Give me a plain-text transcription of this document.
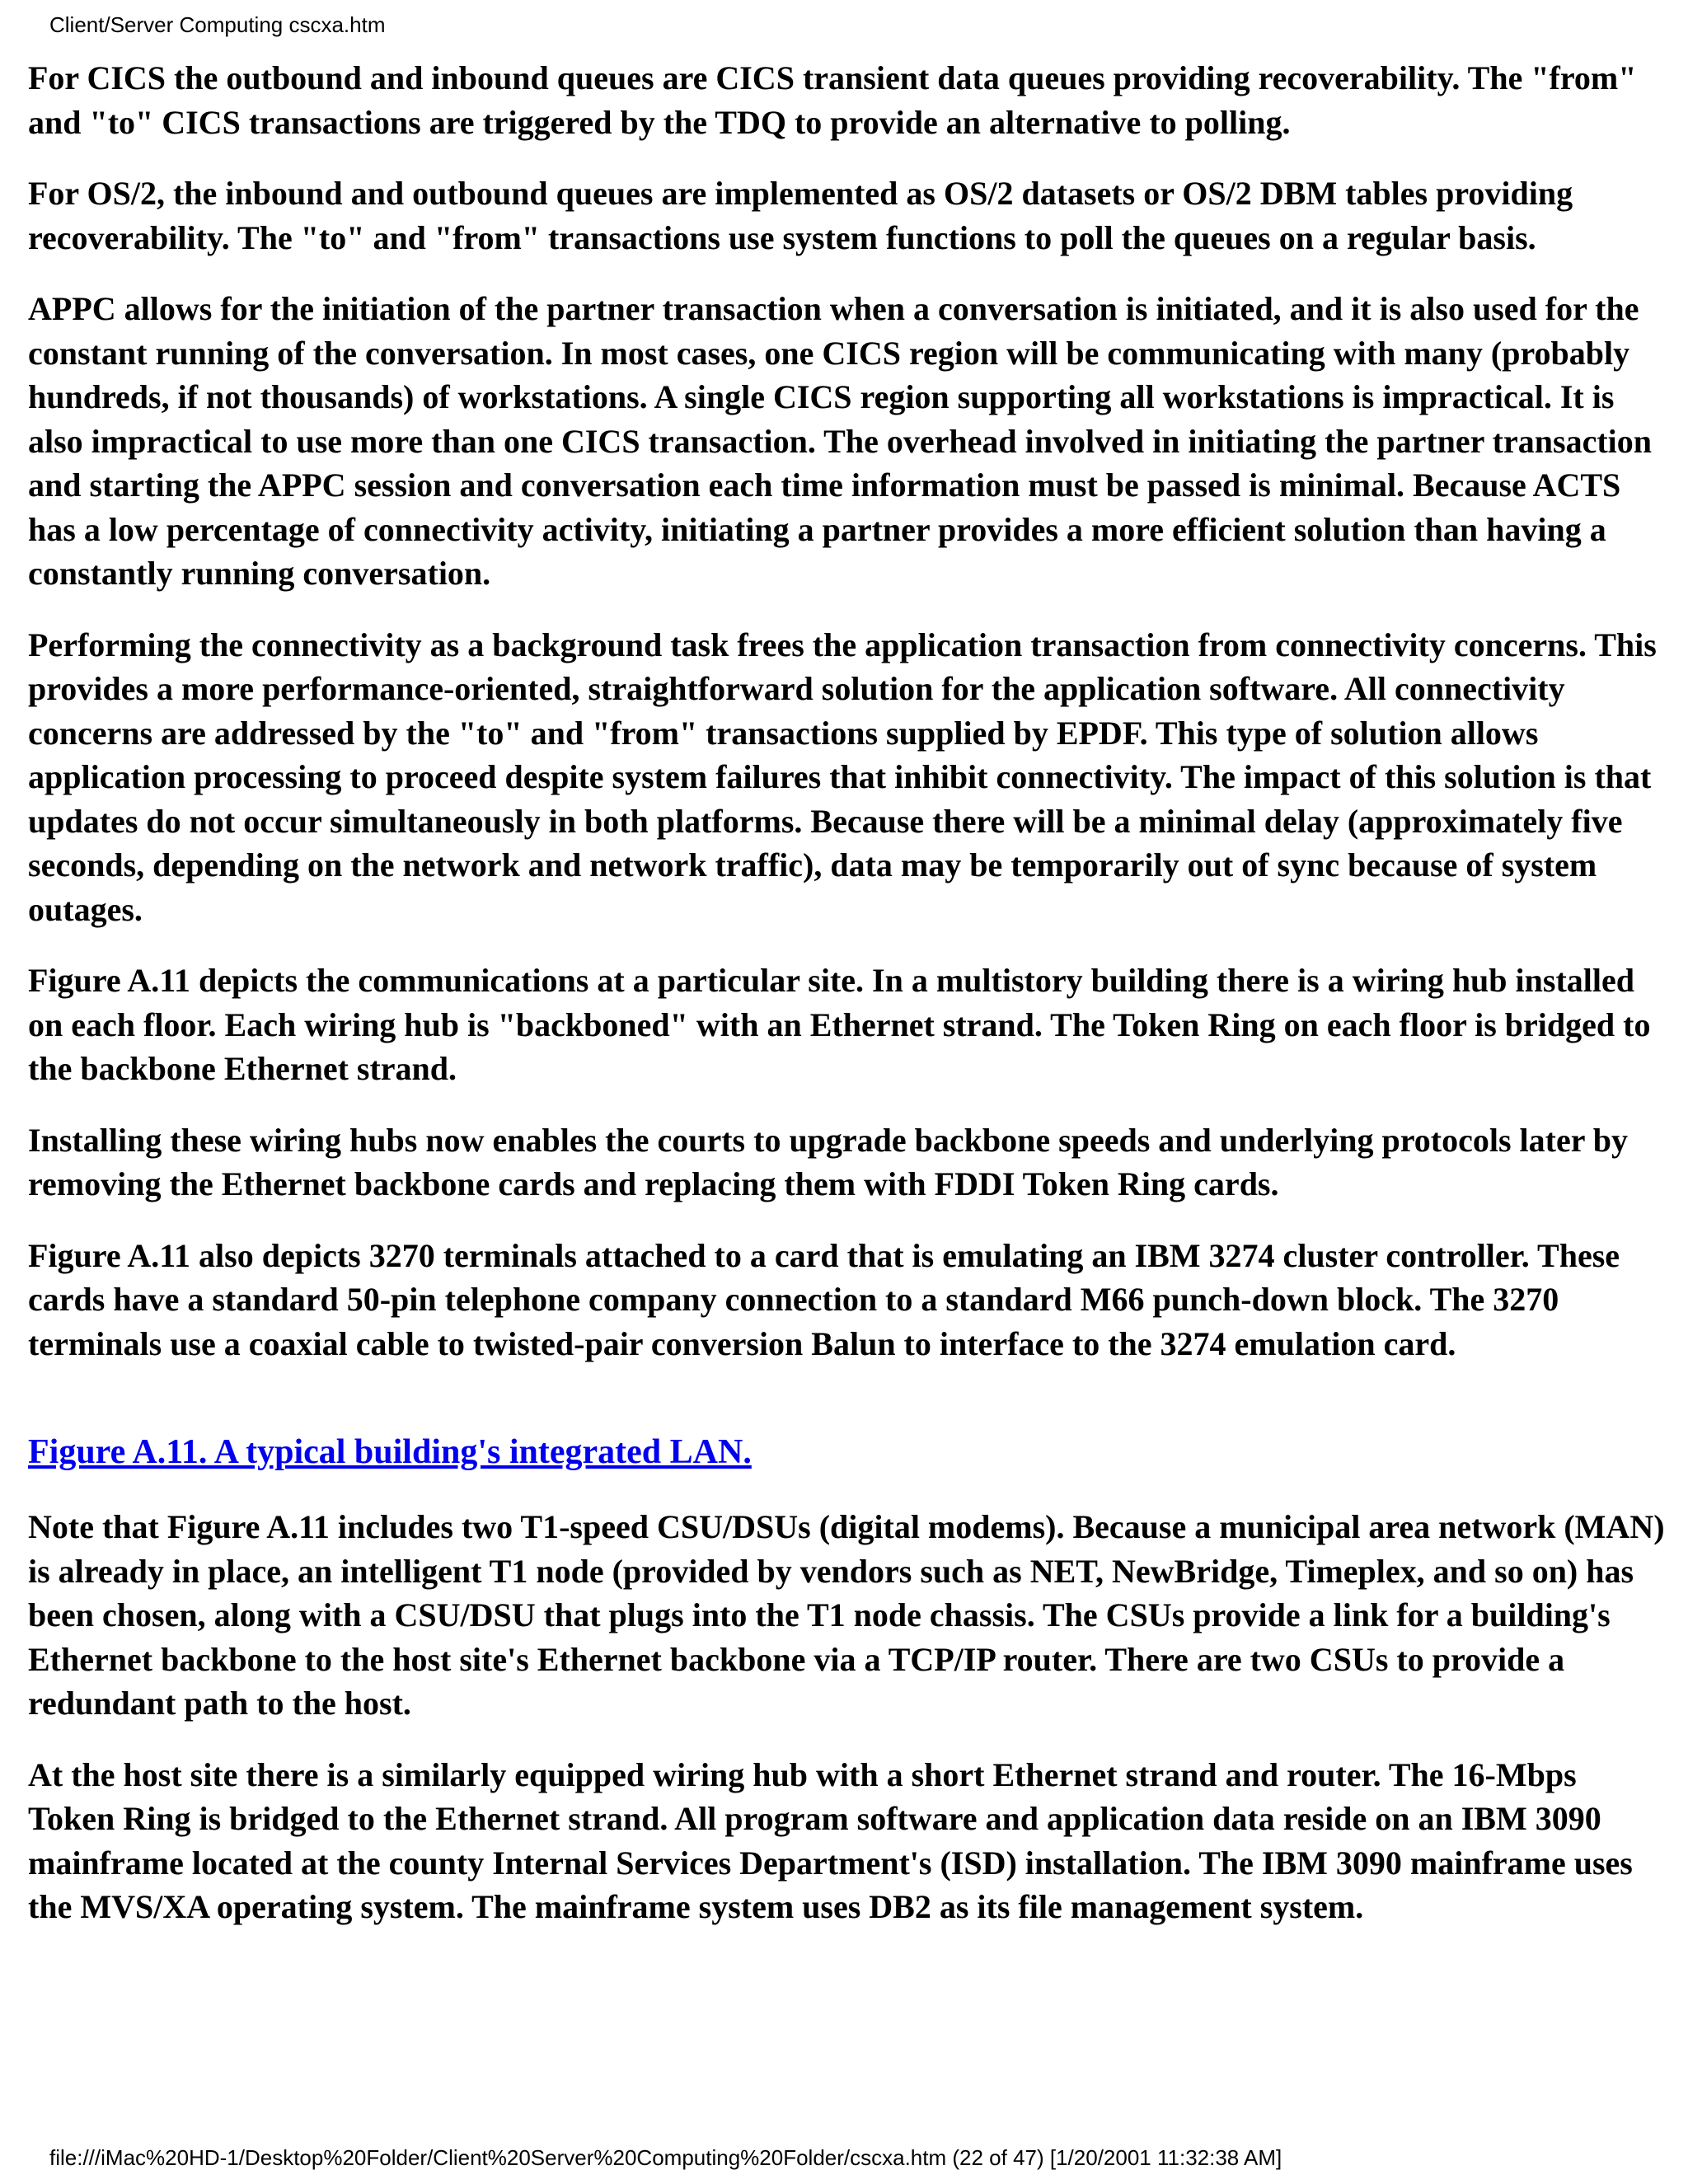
Client/Server Computing cscxa.htm

For CICS the outbound and inbound queues are CICS transient data queues providing recoverability. The "from" and "to" CICS transactions are triggered by the TDQ to provide an alternative to polling.

For OS/2, the inbound and outbound queues are implemented as OS/2 datasets or OS/2 DBM tables providing recoverability. The "to" and "from" transactions use system functions to poll the queues on a regular basis.

APPC allows for the initiation of the partner transaction when a conversation is initiated, and it is also used for the constant running of the conversation. In most cases, one CICS region will be communicating with many (probably hundreds, if not thousands) of workstations. A single CICS region supporting all workstations is impractical. It is also impractical to use more than one CICS transaction. The overhead involved in initiating the partner transaction and starting the APPC session and conversation each time information must be passed is minimal. Because ACTS has a low percentage of connectivity activity, initiating a partner provides a more efficient solution than having a constantly running conversation.

Performing the connectivity as a background task frees the application transaction from connectivity concerns. This provides a more performance-oriented, straightforward solution for the application software. All connectivity concerns are addressed by the "to" and "from" transactions supplied by EPDF. This type of solution allows application processing to proceed despite system failures that inhibit connectivity. The impact of this solution is that updates do not occur simultaneously in both platforms. Because there will be a minimal delay (approximately five seconds, depending on the network and network traffic), data may be temporarily out of sync because of system outages.

Figure A.11 depicts the communications at a particular site. In a multistory building there is a wiring hub installed on each floor. Each wiring hub is "backboned" with an Ethernet strand. The Token Ring on each floor is bridged to the backbone Ethernet strand.

Installing these wiring hubs now enables the courts to upgrade backbone speeds and underlying protocols later by removing the Ethernet backbone cards and replacing them with FDDI Token Ring cards.

Figure A.11 also depicts 3270 terminals attached to a card that is emulating an IBM 3274 cluster controller. These cards have a standard 50-pin telephone company connection to a standard M66 punch-down block. The 3270 terminals use a coaxial cable to twisted-pair conversion Balun to interface to the 3274 emulation card.

Figure A.11. A typical building's integrated LAN.

Note that Figure A.11 includes two T1-speed CSU/DSUs (digital modems). Because a municipal area network (MAN) is already in place, an intelligent T1 node (provided by vendors such as NET, NewBridge, Timeplex, and so on) has been chosen, along with a CSU/DSU that plugs into the T1 node chassis. The CSUs provide a link for a building's Ethernet backbone to the host site's Ethernet backbone via a TCP/IP router. There are two CSUs to provide a redundant path to the host.

At the host site there is a similarly equipped wiring hub with a short Ethernet strand and router. The 16-Mbps Token Ring is bridged to the Ethernet strand. All program software and application data reside on an IBM 3090 mainframe located at the county Internal Services Department's (ISD) installation. The IBM 3090 mainframe uses the MVS/XA operating system. The mainframe system uses DB2 as its file management system.

file:///iMac%20HD-1/Desktop%20Folder/Client%20Server%20Computing%20Folder/cscxa.htm (22 of 47) [1/20/2001 11:32:38 AM]
